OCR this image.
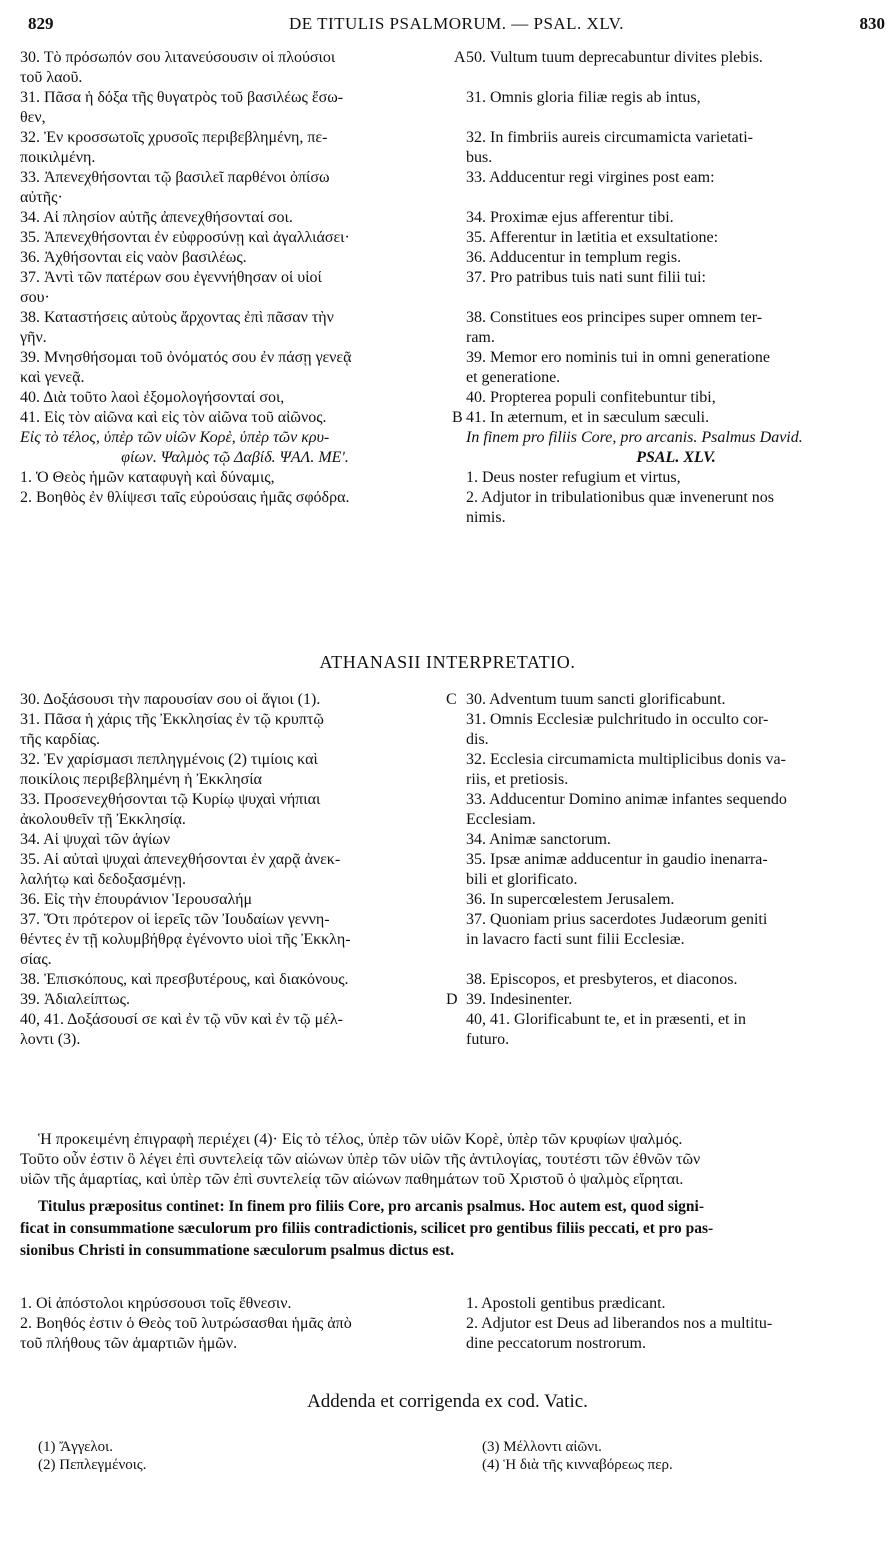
829	DE TITULIS PSALMORUM. — PSAL. XLV.	830

30. Τὸ πρόσωπόν σου λιτανεύσουσιν οἱ πλούσιοι

τοῦ λαοῦ.

31. Πᾶσα ἡ δόξα τῆς θυγατρὸς τοῦ βασιλέως ἔσω-

θεν,

32. Ἐν κροσσωτοῖς χρυσοῖς περιβεβλημένη, πε-

ποικιλμένη.

33. Ἀπενεχθήσονται τῷ βασιλεῖ παρθένοι ὀπίσω

αὐτῆς·

34. Αἱ πλησίον αὐτῆς ἀπενεχθήσονταί σοι.

35. Ἀπενεχθήσονται ἐν εὐφροσύνῃ καὶ ἀγαλλιάσει·

36. Ἀχθήσονται εἰς ναὸν βασιλέως.

37. Ἀντὶ τῶν πατέρων σου ἐγεννήθησαν οἱ υἱοί

σου·

38. Καταστήσεις αὐτοὺς ἄρχοντας ἐπὶ πᾶσαν τὴν

γῆν.

39. Μνησθήσομαι τοῦ ὀνόματός σου ἐν πάσῃ γενεᾷ

καὶ γενεᾷ.

40. Διὰ τοῦτο λαοὶ ἐξομολογήσονταί σοι,

41. Εἰς τὸν αἰῶνα καὶ εἰς τὸν αἰῶνα τοῦ αἰῶνος.

Εἰς τὸ τέλος, ὑπὲρ τῶν υἱῶν Κορὲ, ὑπὲρ τῶν κρυ-

φίων. Ψαλμὸς τῷ Δαβίδ. ΨΑΛ. ΜΕʹ.

1. Ὁ Θεὸς ἡμῶν καταφυγὴ καὶ δύναμις,

2. Βοηθὸς ἐν θλίψεσι ταῖς εὑρούσαις ἡμᾶς σφόδρα.

50. Vultum tuum deprecabuntur divites plebis.

31. Omnis gloria filiæ regis ab intus,

32. In fimbriis aureis circumamicta varietati-

bus.

33. Adducentur regi virgines post eam:

34. Proximæ ejus afferentur tibi.

35. Afferentur in lætitia et exsultatione:

36. Adducentur in templum regis.

37. Pro patribus tuis nati sunt filii tui:

38. Constitues eos principes super omnem ter-

ram.

39. Memor ero nominis tui in omni generatione

et generatione.

40. Propterea populi confitebuntur tibi,

41. In æternum, et in sæculum sæculi.

In finem pro filiis Core, pro arcanis. Psalmus David.

PSAL. XLV.

1. Deus noster refugium et virtus,

2. Adjutor in tribulationibus quæ invenerunt nos

nimis.

A
B
ATHANASII INTERPRETATIO.

30. Δοξάσουσι τὴν παρουσίαν σου οἱ ἅγιοι (1).

31. Πᾶσα ἡ χάρις τῆς Ἐκκλησίας ἐν τῷ κρυπτῷ

τῆς καρδίας.

32. Ἐν χαρίσμασι πεπληγμένοις (2) τιμίοις καὶ

ποικίλοις περιβεβλημένη ἡ Ἐκκλησία

33. Προσενεχθήσονται τῷ Κυρίῳ ψυχαὶ νήπιαι

ἀκολουθεῖν τῇ Ἐκκλησίᾳ.

34. Αἱ ψυχαὶ τῶν ἁγίων

35. Αἱ αὐταὶ ψυχαὶ ἀπενεχθήσονται ἐν χαρᾷ ἀνεκ-

λαλήτῳ καὶ δεδοξασμένῃ.

36. Εἰς τὴν ἐπουράνιον Ἱερουσαλήμ

37. Ὅτι πρότερον οἱ ἱερεῖς τῶν Ἰουδαίων γεννη-

θέντες ἐν τῇ κολυμβήθρᾳ ἐγένοντο υἱοὶ τῆς Ἐκκλη-

σίας.

38. Ἐπισκόπους, καὶ πρεσβυτέρους, καὶ διακόνους.

39. Ἀδιαλείπτως.

40, 41. Δοξάσουσί σε καὶ ἐν τῷ νῦν καὶ ἐν τῷ μέλ-

λοντι (3).

30. Adventum tuum sancti glorificabunt.

31. Omnis Ecclesiæ pulchritudo in occulto cor-

dis.

32. Ecclesia circumamicta multiplicibus donis va-

riis, et pretiosis.

33. Adducentur Domino animæ infantes sequendo

Ecclesiam.

34. Animæ sanctorum.

35. Ipsæ animæ adducentur in gaudio inenarra-

bili et glorificato.

36. In supercœlestem Jerusalem.

37. Quoniam prius sacerdotes Judæorum geniti

in lavacro facti sunt filii Ecclesiæ.

38. Episcopos, et presbyteros, et diaconos.

39. Indesinenter.

40, 41. Glorificabunt te, et in præsenti, et in

futuro.

C
D

Ἡ προκειμένη ἐπιγραφὴ περιέχει (4)· Εἰς τὸ τέλος, ὑπὲρ τῶν υἱῶν Κορὲ, ὑπὲρ τῶν κρυφίων ψαλμός.

Τοῦτο οὖν ἐστιν ὃ λέγει ἐπὶ συντελείᾳ τῶν αἰώνων ὑπὲρ τῶν υἱῶν τῆς ἀντιλογίας, τουτέστι τῶν ἐθνῶν τῶν

υἱῶν τῆς ἁμαρτίας, καὶ ὑπὲρ τῶν ἐπὶ συντελείᾳ τῶν αἰώνων παθημάτων τοῦ Χριστοῦ ὁ ψαλμὸς εἴρηται.

Titulus præpositus continet: In finem pro filiis Core, pro arcanis psalmus. Hoc autem est, quod signi-

ficat in consummatione sæculorum pro filiis contradictionis, scilicet pro gentibus filiis peccati, et pro pas-

sionibus Christi in consummatione sæculorum psalmus dictus est.

1. Οἱ ἀπόστολοι κηρύσσουσι τοῖς ἔθνεσιν.

2. Βοηθός ἐστιν ὁ Θεὸς τοῦ λυτρώσασθαι ἡμᾶς ἀπὸ

τοῦ πλήθους τῶν ἁμαρτιῶν ἡμῶν.

1. Apostoli gentibus prædicant.

2. Adjutor est Deus ad liberandos nos a multitu-

dine peccatorum nostrorum.

Addenda et corrigenda ex cod. Vatic.

(1) Ἄγγελοι.

(2) Πεπλεγμένοις.

(3) Μέλλοντι αἰῶνι.

(4) Ἡ διὰ τῆς κινναβόρεως περ.
